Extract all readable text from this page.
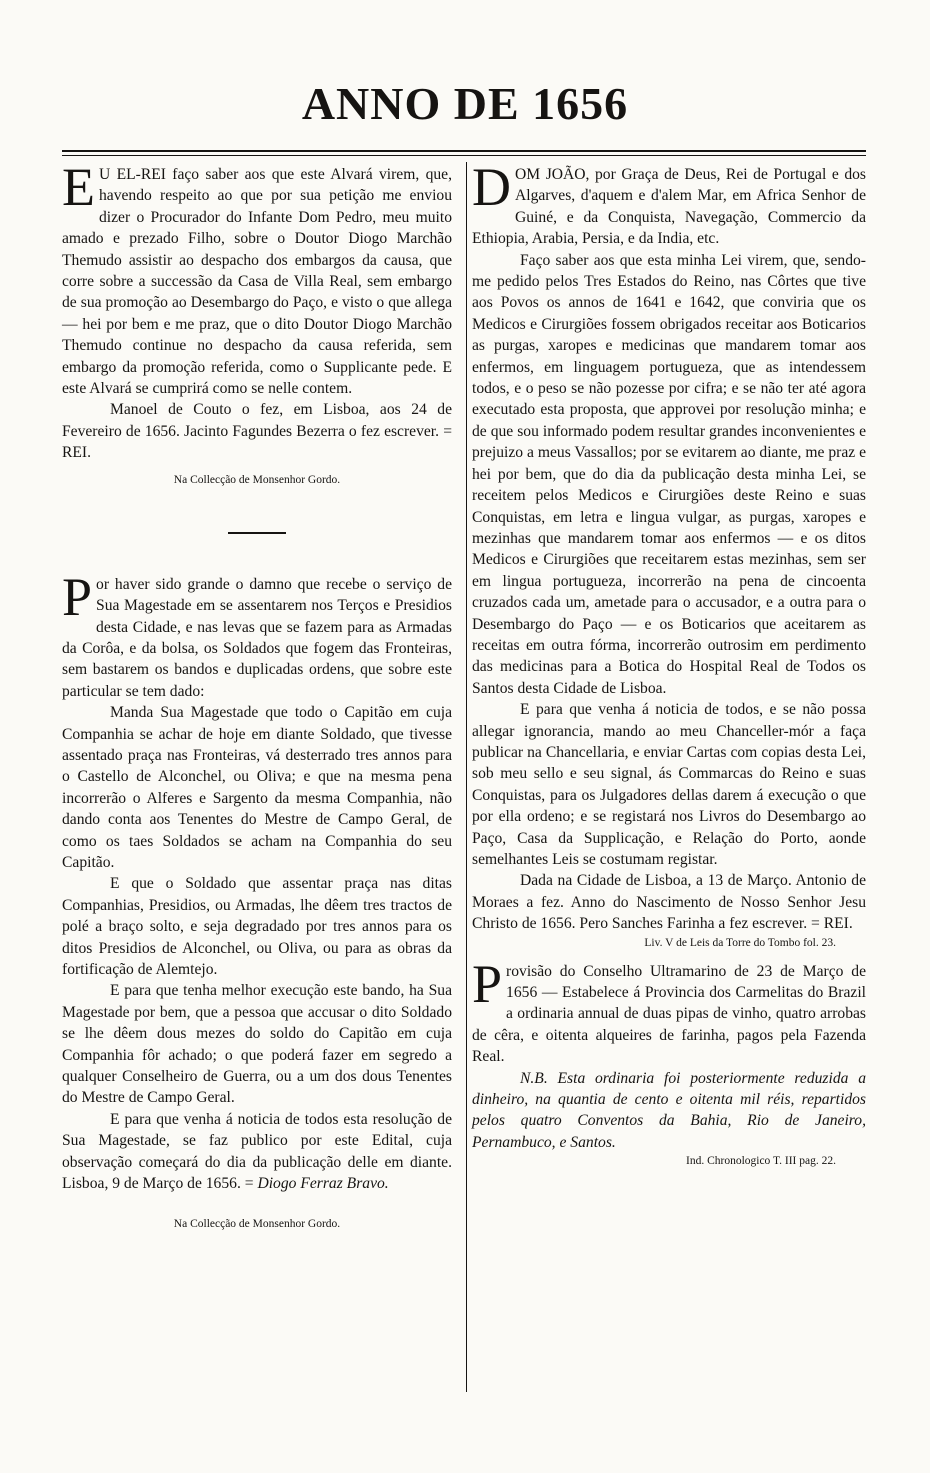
ANNO DE 1656
E U EL-REI faço saber aos que este Alvará virem, que, havendo respeito ao que por sua petição me enviou dizer o Procurador do Infante Dom Pedro, meu muito amado e prezado Filho, sobre o Doutor Diogo Marchão Themudo assistir ao despacho dos embargos da causa, que corre sobre a successão da Casa de Villa Real, sem embargo de sua promoção ao Desembargo do Paço, e visto o que allega — hei por bem e me praz, que o dito Doutor Diogo Marchão Themudo continue no despacho da causa referida, sem embargo da promoção referida, como o Supplicante pede. E este Alvará se cumprirá como se nelle contem.

Manoel de Couto o fez, em Lisboa, aos 24 de Fevereiro de 1656. Jacinto Fagundes Bezerra o fez escrever. = REI.

Na Collecção de Monsenhor Gordo.

P or haver sido grande o damno que recebe o serviço de Sua Magestade em se assentarem nos Terços e Presidios desta Cidade, e nas levas que se fazem para as Armadas da Corôa, e da bolsa, os Soldados que fogem das Fronteiras, sem bastarem os bandos e duplicadas ordens, que sobre este particular se tem dado:

Manda Sua Magestade que todo o Capitão em cuja Companhia se achar de hoje em diante Soldado, que tivesse assentado praça nas Fronteiras, vá desterrado tres annos para o Castello de Alconchel, ou Oliva; e que na mesma pena incorrerão o Alferes e Sargento da mesma Companhia, não dando conta aos Tenentes do Mestre de Campo Geral, de como os taes Soldados se acham na Companhia do seu Capitão.

E que o Soldado que assentar praça nas ditas Companhias, Presidios, ou Armadas, lhe dêem tres tractos de polé a braço solto, e seja degradado por tres annos para os ditos Presidios de Alconchel, ou Oliva, ou para as obras da fortificação de Alemtejo.

E para que tenha melhor execução este bando, ha Sua Magestade por bem, que a pessoa que accusar o dito Soldado se lhe dêem dous mezes do soldo do Capitão em cuja Companhia fôr achado; o que poderá fazer em segredo a qualquer Conselheiro de Guerra, ou a um dos dous Tenentes do Mestre de Campo Geral.

E para que venha á noticia de todos esta resolução de Sua Magestade, se faz publico por este Edital, cuja observação começará do dia da publicação delle em diante. Lisboa, 9 de Março de 1656. = Diogo Ferraz Bravo.

Na Collecção de Monsenhor Gordo.

D OM JOÃO, por Graça de Deus, Rei de Portugal e dos Algarves, d'aquem e d'alem Mar, em Africa Senhor de Guiné, e da Conquista, Navegação, Commercio da Ethiopia, Arabia, Persia, e da India, etc.

Faço saber aos que esta minha Lei virem, que, sendo-me pedido pelos Tres Estados do Reino, nas Côrtes que tive aos Povos os annos de 1641 e 1642, que conviria que os Medicos e Cirurgiões fossem obrigados receitar aos Boticarios as purgas, xaropes e medicinas que mandarem tomar aos enfermos, em linguagem portugueza, que as intendessem todos, e o peso se não pozesse por cifra; e se não ter até agora executado esta proposta, que approvei por resolução minha; e de que sou informado podem resultar grandes inconvenientes e prejuizo a meus Vassallos; por se evitarem ao diante, me praz e hei por bem, que do dia da publicação desta minha Lei, se receitem pelos Medicos e Cirurgiões deste Reino e suas Conquistas, em letra e lingua vulgar, as purgas, xaropes e mezinhas que mandarem tomar aos enfermos — e os ditos Medicos e Cirurgiões que receitarem estas mezinhas, sem ser em lingua portugueza, incorrerão na pena de cincoenta cruzados cada um, ametade para o accusador, e a outra para o Desembargo do Paço — e os Boticarios que aceitarem as receitas em outra fórma, incorrerão outrosim em perdimento das medicinas para a Botica do Hospital Real de Todos os Santos desta Cidade de Lisboa.

E para que venha á noticia de todos, e se não possa allegar ignorancia, mando ao meu Chanceller-mór a faça publicar na Chancellaria, e enviar Cartas com copias desta Lei, sob meu sello e seu signal, ás Commarcas do Reino e suas Conquistas, para os Julgadores dellas darem á execução o que por ella ordeno; e se registará nos Livros do Desembargo ao Paço, Casa da Supplicação, e Relação do Porto, aonde semelhantes Leis se costumam registar.

Dada na Cidade de Lisboa, a 13 de Março. Antonio de Moraes a fez. Anno do Nascimento de Nosso Senhor Jesu Christo de 1656. Pero Sanches Farinha a fez escrever. = REI.

Liv. V de Leis da Torre do Tombo fol. 23.

P rovisão do Conselho Ultramarino de 23 de Março de 1656 — Estabelece á Provincia dos Carmelitas do Brazil a ordinaria annual de duas pipas de vinho, quatro arrobas de cêra, e oitenta alqueires de farinha, pagos pela Fazenda Real.

N.B. Esta ordinaria foi posteriormente reduzida a dinheiro, na quantia de cento e oitenta mil réis, repartidos pelos quatro Conventos da Bahia, Rio de Janeiro, Pernambuco, e Santos.

Ind. Chronologico T. III pag. 22.
